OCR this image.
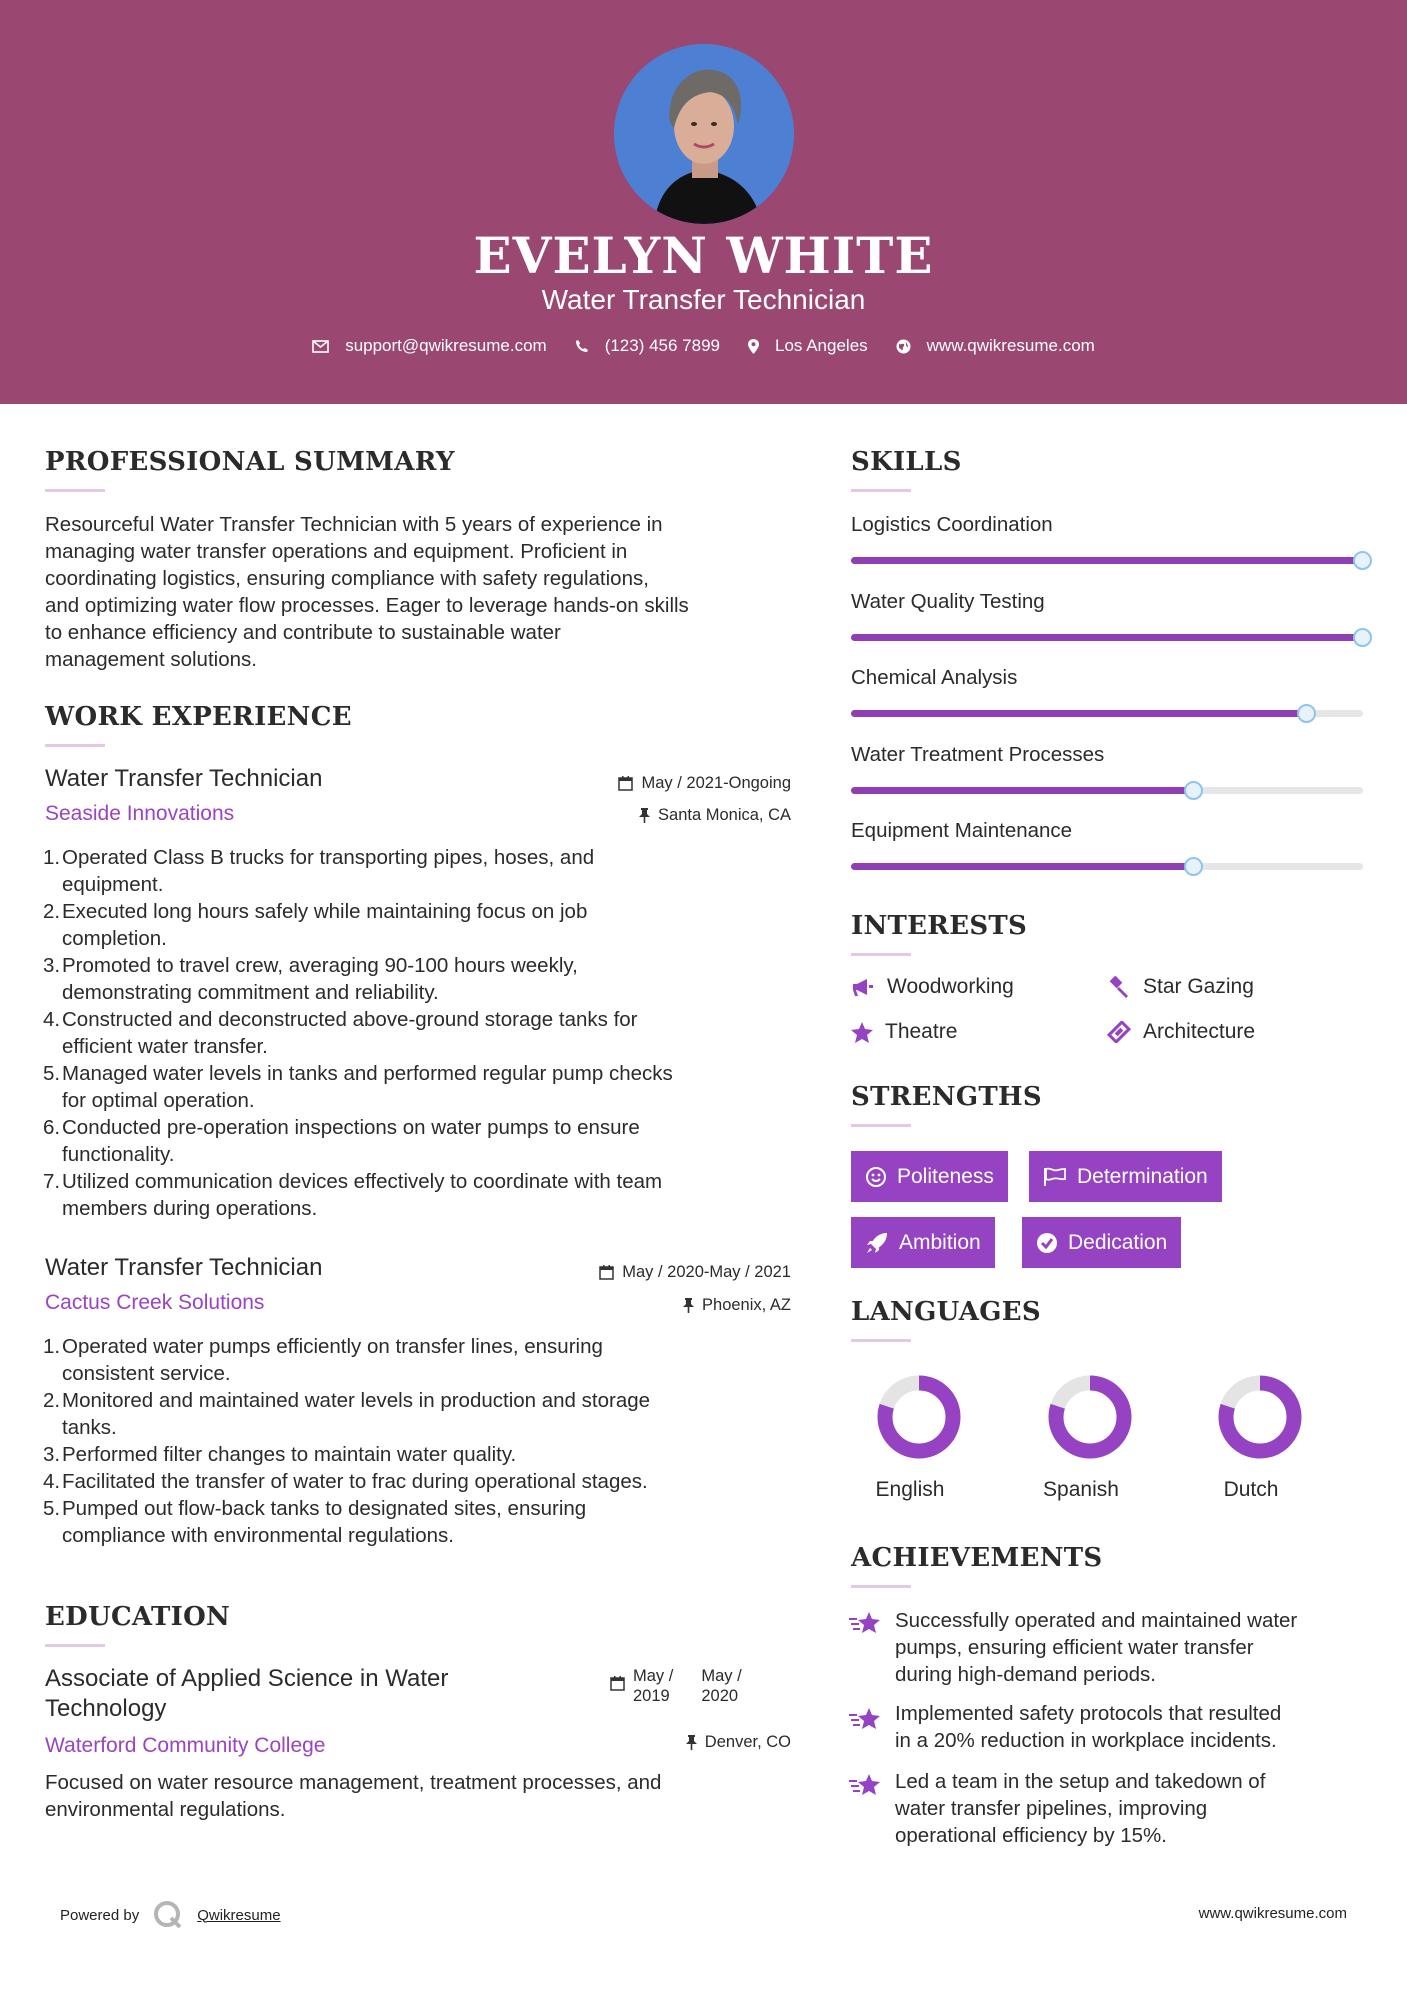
EVELYN WHITE
Water Transfer Technician
support@qwikresume.com	(123) 456 7899	Los Angeles	www.qwikresume.com
PROFESSIONAL SUMMARY
Resourceful Water Transfer Technician with 5 years of experience in
managing water transfer operations and equipment. Proficient in
coordinating logistics, ensuring compliance with safety regulations,
and optimizing water flow processes. Eager to leverage hands-on skills
to enhance efficiency and contribute to sustainable water
management solutions.
WORK EXPERIENCE
Water Transfer Technician	May / 2021-Ongoing
Seaside Innovations	Santa Monica, CA
1. Operated Class B trucks for transporting pipes, hoses, and
equipment.
2. Executed long hours safely while maintaining focus on job
completion.
3. Promoted to travel crew, averaging 90-100 hours weekly,
demonstrating commitment and reliability.
4. Constructed and deconstructed above-ground storage tanks for
efficient water transfer.
5. Managed water levels in tanks and performed regular pump checks
for optimal operation.
6. Conducted pre-operation inspections on water pumps to ensure
functionality.
7. Utilized communication devices effectively to coordinate with team
members during operations.
Water Transfer Technician	May / 2020-May / 2021
Cactus Creek Solutions	Phoenix, AZ
1. Operated water pumps efficiently on transfer lines, ensuring
consistent service.
2. Monitored and maintained water levels in production and storage
tanks.
3. Performed filter changes to maintain water quality.
4. Facilitated the transfer of water to frac during operational stages.
5. Pumped out flow-back tanks to designated sites, ensuring
compliance with environmental regulations.
EDUCATION
Associate of Applied Science in Water
Technology
May /
2019
May /
2020
Waterford Community College	Denver, CO
Focused on water resource management, treatment processes, and
environmental regulations.
SKILLS
Logistics Coordination
Water Quality Testing
Chemical Analysis
Water Treatment Processes
Equipment Maintenance
INTERESTS
Woodworking	Star Gazing
Theatre	Architecture
STRENGTHS
Politeness	Determination
Ambition	Dedication
LANGUAGES
English	Spanish	Dutch
ACHIEVEMENTS
Successfully operated and maintained water
pumps, ensuring efficient water transfer
during high-demand periods.
Implemented safety protocols that resulted
in a 20% reduction in workplace incidents.
Led a team in the setup and takedown of
water transfer pipelines, improving
operational efficiency by 15%.
Powered by	Qwikresume	www.qwikresume.com
